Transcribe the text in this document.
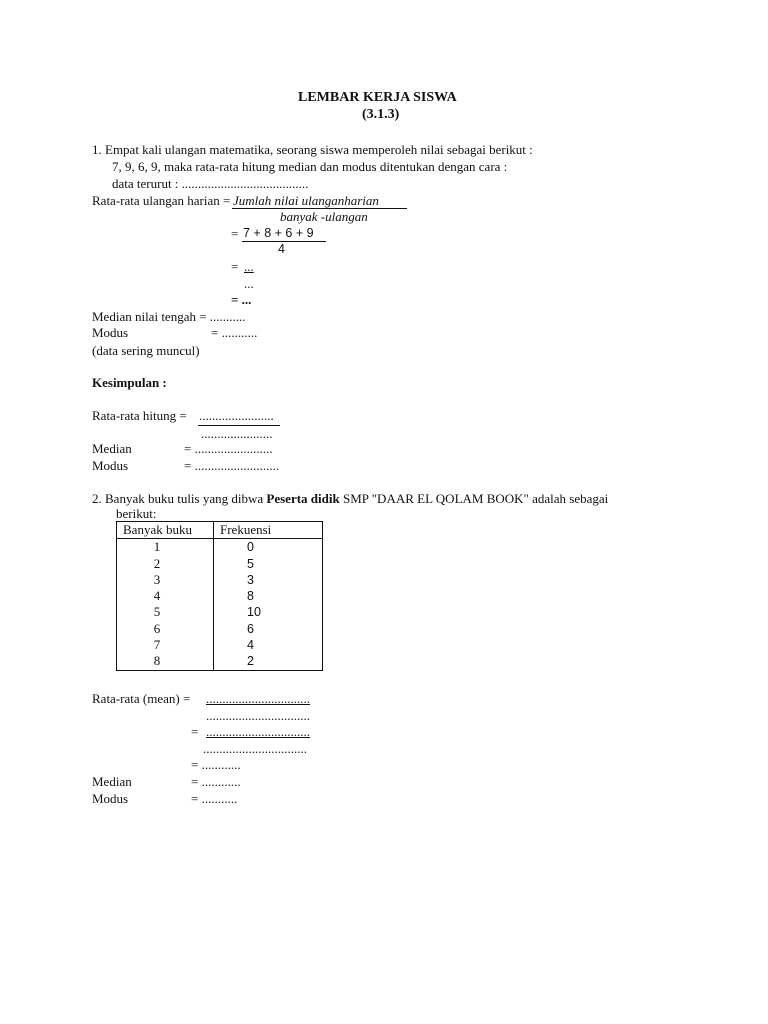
LEMBAR KERJA SISWA
(3.1.3)
1. Empat kali ulangan matematika, seorang siswa memperoleh nilai sebagai berikut :
7, 9, 6, 9, maka rata-rata hitung median dan modus ditentukan dengan cara :
data terurut : .......................................
Rata-rata ulangan harian = Jumlah nilai ulanganharian
banyak -ulangan
= 7 + 8 + 6 + 9
4
= ...
...
= ...
Median nilai tengah = ...........
Modus	= ...........
(data sering muncul)
Kesimpulan :
Rata-rata hitung = .......................
......................
Median	= ........................
Modus	= ..........................
2. Banyak buku tulis yang dibwa Peserta didik SMP "DAAR EL QOLAM BOOK" adalah sebagai
berikut:
Banyak buku	Frekuensi
1	0
2	5
3	3
4	8
5	10
6	6
7	4
8	2
Rata-rata (mean) = ................................
................................
= ................................
................................
= ............
Median	= ............
Modus	= ...........
